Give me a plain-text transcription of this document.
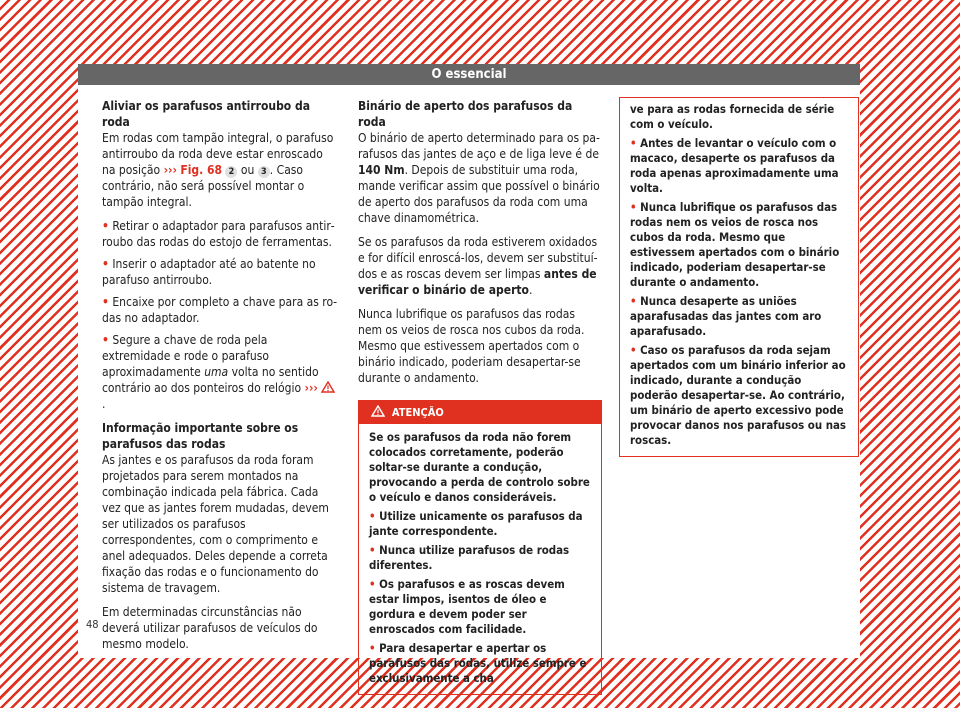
O essencial

Aliviar os parafusos antirroubo da roda

Em rodas com tampão integral, o parafuso antirroubo da roda deve estar enroscado na posição ››› Fig. 68 2 ou 3 . Caso contrário, não será possível montar o tampão integral.

• Retirar o adaptador para parafusos antirroubo das rodas do estojo de ferramentas.

• Inserir o adaptador até ao batente no parafuso antirroubo.

• Encaixe por completo a chave para as rodas no adaptador.

• Segure a chave de roda pela extremidade e rode o parafuso aproximadamente uma volta no sentido contrário ao dos ponteiros do relógio ››› .

Informação importante sobre os parafusos das rodas

As jantes e os parafusos da roda foram projetados para serem montados na combinação indicada pela fábrica. Cada vez que as jantes forem mudadas, devem ser utilizados os parafusos correspondentes, com o comprimento e anel adequados. Deles depende a correta fixação das rodas e o funcionamento do sistema de travagem.

Em determinadas circunstâncias não deverá utilizar parafusos de veículos do mesmo modelo.

Binário de aperto dos parafusos da roda

O binário de aperto determinado para os parafusos das jantes de aço e de liga leve é de 140 Nm. Depois de substituir uma roda, mande verificar assim que possível o binário de aperto dos parafusos da roda com uma chave dinamométrica.

Se os parafusos da roda estiverem oxidados e for difícil enroscá-los, devem ser substituídos e as roscas devem ser limpas antes de verificar o binário de aperto.

Nunca lubrifique os parafusos das rodas nem os veios de rosca nos cubos da roda. Mesmo que estivessem apertados com o binário indicado, poderiam desapertar-se durante o andamento.

ATENÇÃO

Se os parafusos da roda não forem colocados corretamente, poderão soltar-se durante a condução, provocando a perda de controlo sobre o veículo e danos consideráveis.

• Utilize unicamente os parafusos da jante correspondente.

• Nunca utilize parafusos de rodas diferentes.

• Os parafusos e as roscas devem estar limpos, isentos de óleo e gordura e devem poder ser enroscados com facilidade.

• Para desapertar e apertar os parafusos das rodas, utilize sempre e exclusivamente a cha

ve para as rodas fornecida de série com o veículo.

• Antes de levantar o veículo com o macaco, desaperte os parafusos da roda apenas aproximadamente uma volta.

• Nunca lubrifique os parafusos das rodas nem os veios de rosca nos cubos da roda. Mesmo que estivessem apertados com o binário indicado, poderiam desapertar-se durante o andamento.

• Nunca desaperte as uniões aparafusadas das jantes com aro aparafusado.

• Caso os parafusos da roda sejam apertados com um binário inferior ao indicado, durante a condução poderão desapertar-se. Ao contrário, um binário de aperto excessivo pode provocar danos nos parafusos ou nas roscas.

48
